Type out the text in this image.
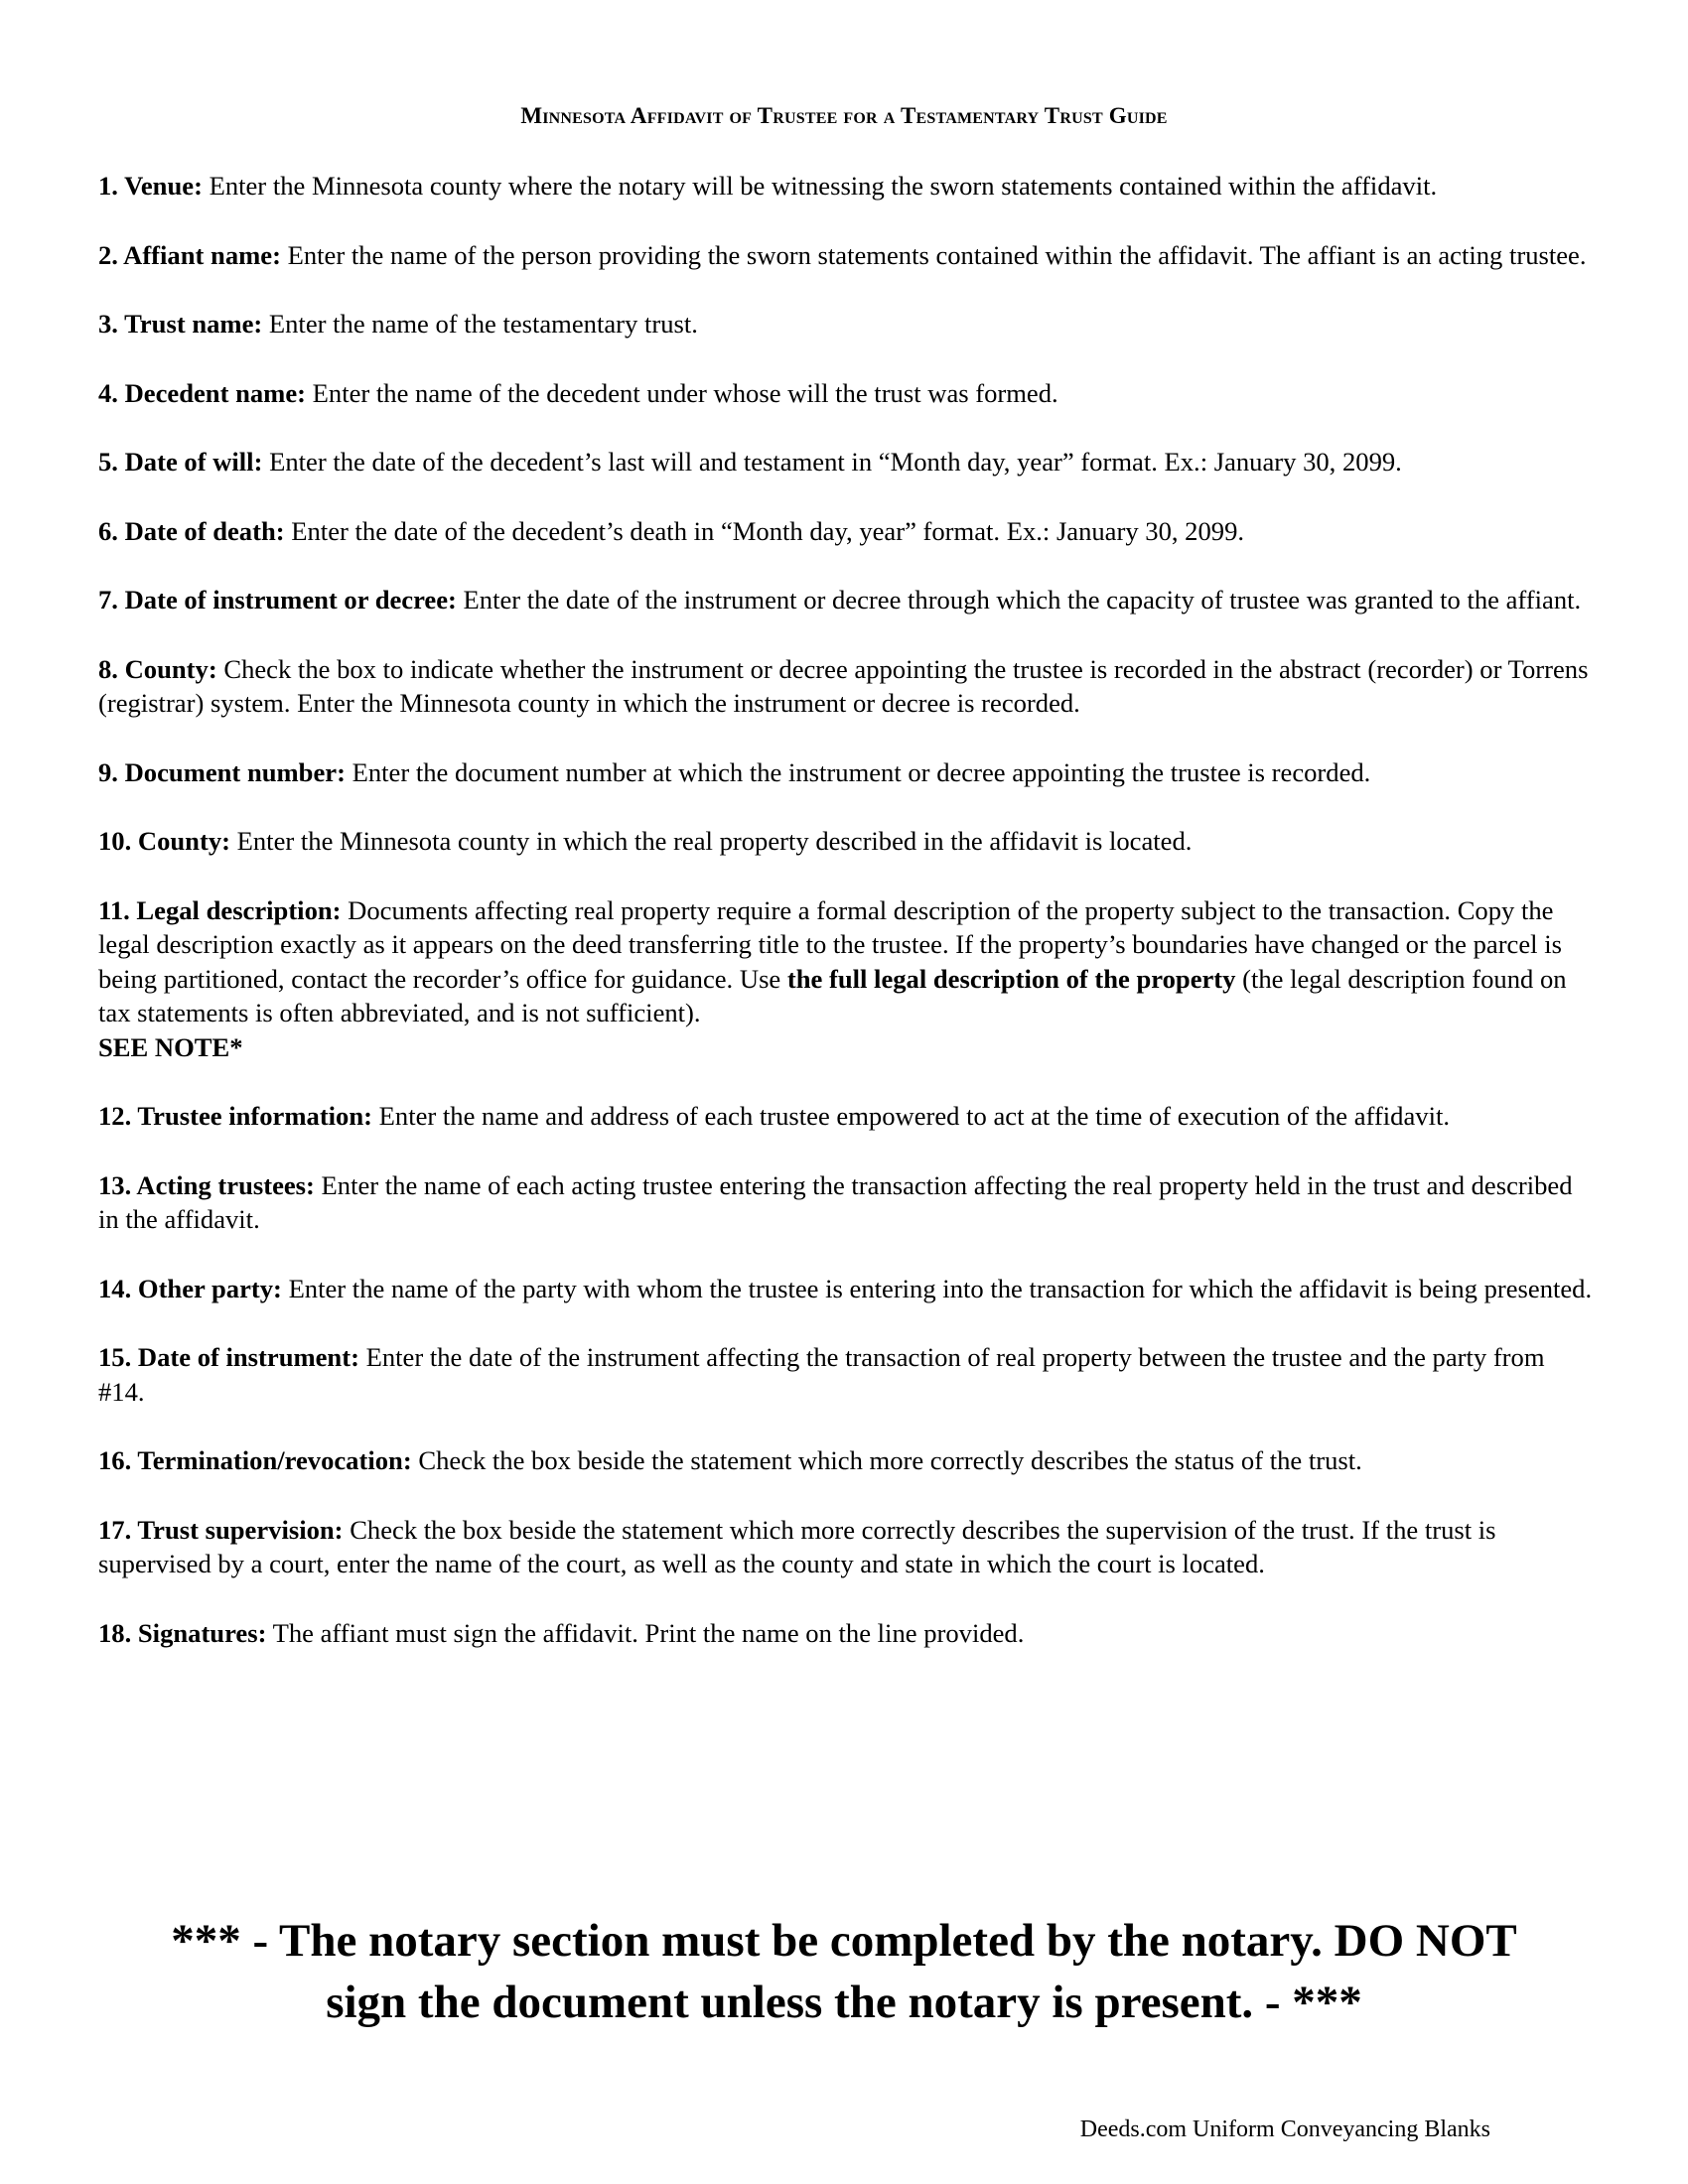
Minnesota Affidavit of Trustee for a Testamentary Trust Guide

1. Venue: Enter the Minnesota county where the notary will be witnessing the sworn statements contained within the affidavit.

2. Affiant name: Enter the name of the person providing the sworn statements contained within the affidavit. The affiant is an acting trustee.

3. Trust name: Enter the name of the testamentary trust.

4. Decedent name: Enter the name of the decedent under whose will the trust was formed.

5. Date of will: Enter the date of the decedent’s last will and testament in “Month day, year” format. Ex.: January 30, 2099.

6. Date of death: Enter the date of the decedent’s death in “Month day, year” format. Ex.: January 30, 2099.

7. Date of instrument or decree: Enter the date of the instrument or decree through which the capacity of trustee was granted to the affiant.

8. County: Check the box to indicate whether the instrument or decree appointing the trustee is recorded in the abstract (recorder) or Torrens (registrar) system. Enter the Minnesota county in which the instrument or decree is recorded.

9. Document number: Enter the document number at which the instrument or decree appointing the trustee is recorded.

10. County: Enter the Minnesota county in which the real property described in the affidavit is located.

11. Legal description: Documents affecting real property require a formal description of the property subject to the transaction. Copy the legal description exactly as it appears on the deed transferring title to the trustee. If the property’s boundaries have changed or the parcel is being partitioned, contact the recorder’s office for guidance. Use the full legal description of the property (the legal description found on tax statements is often abbreviated, and is not sufficient).
SEE NOTE*

12. Trustee information: Enter the name and address of each trustee empowered to act at the time of execution of the affidavit.

13. Acting trustees: Enter the name of each acting trustee entering the transaction affecting the real property held in the trust and described in the affidavit.

14. Other party: Enter the name of the party with whom the trustee is entering into the transaction for which the affidavit is being presented.

15. Date of instrument: Enter the date of the instrument affecting the transaction of real property between the trustee and the party from #14.

16. Termination/revocation: Check the box beside the statement which more correctly describes the status of the trust.

17. Trust supervision: Check the box beside the statement which more correctly describes the supervision of the trust. If the trust is supervised by a court, enter the name of the court, as well as the county and state in which the court is located.

18. Signatures: The affiant must sign the affidavit. Print the name on the line provided.

*** - The notary section must be completed by the notary. DO NOT
sign the document unless the notary is present. - ***
Deeds.com Uniform Conveyancing Blanks
